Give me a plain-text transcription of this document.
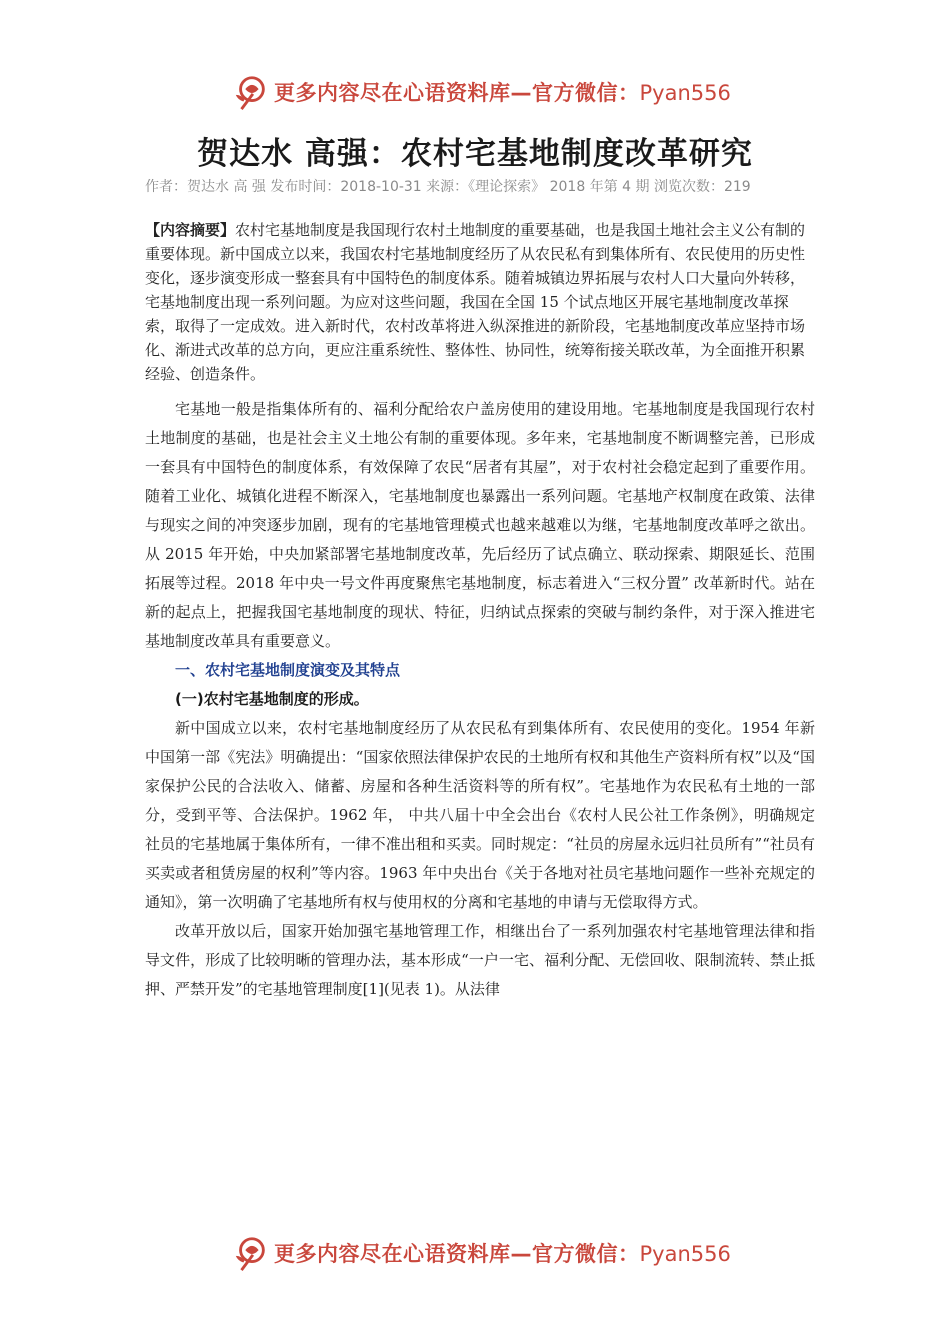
更多内容尽在心语资料库—官方微信：Pyan556
贺达水 高强：农村宅基地制度改革研究
作者：贺达水 高 强 发布时间：2018-10-31 来源：《理论探索》 2018 年第 4 期 浏览次数：219
【内容摘要】农村宅基地制度是我国现行农村土地制度的重要基础，也是我国土地社会主义公有制的重要体现。新中国成立以来，我国农村宅基地制度经历了从农民私有到集体所有、农民使用的历史性变化，逐步演变形成一整套具有中国特色的制度体系。随着城镇边界拓展与农村人口大量向外转移，宅基地制度出现一系列问题。为应对这些问题，我国在全国 15 个试点地区开展宅基地制度改革探索，取得了一定成效。进入新时代，农村改革将进入纵深推进的新阶段，宅基地制度改革应坚持市场化、渐进式改革的总方向，更应注重系统性、整体性、协同性，统筹衔接关联改革，为全面推开积累经验、创造条件。

宅基地一般是指集体所有的、福利分配给农户盖房使用的建设用地。宅基地制度是我国现行农村土地制度的基础，也是社会主义土地公有制的重要体现。多年来，宅基地制度不断调整完善，已形成一套具有中国特色的制度体系，有效保障了农民“居者有其屋”，对于农村社会稳定起到了重要作用。随着工业化、城镇化进程不断深入，宅基地制度也暴露出一系列问题。宅基地产权制度在政策、法律与现实之间的冲突逐步加剧，现有的宅基地管理模式也越来越难以为继，宅基地制度改革呼之欲出。从 2015 年开始，中央加紧部署宅基地制度改革，先后经历了试点确立、联动探索、期限延长、范围拓展等过程。2018 年中央一号文件再度聚焦宅基地制度，标志着进入“三权分置” 改革新时代。站在新的起点上，把握我国宅基地制度的现状、特征，归纳试点探索的突破与制约条件，对于深入推进宅基地制度改革具有重要意义。

一、农村宅基地制度演变及其特点

(一)农村宅基地制度的形成。

新中国成立以来，农村宅基地制度经历了从农民私有到集体所有、农民使用的变化。1954 年新中国第一部《宪法》明确提出：“国家依照法律保护农民的土地所有权和其他生产资料所有权”以及“国家保护公民的合法收入、储蓄、房屋和各种生活资料等的所有权”。宅基地作为农民私有土地的一部分，受到平等、合法保护。1962 年， 中共八届十中全会出台《农村人民公社工作条例》，明确规定社员的宅基地属于集体所有，一律不准出租和买卖。同时规定：“社员的房屋永远归社员所有”“社员有买卖或者租赁房屋的权利”等内容。1963 年中央出台《关于各地对社员宅基地问题作一些补充规定的通知》，第一次明确了宅基地所有权与使用权的分离和宅基地的申请与无偿取得方式。

改革开放以后，国家开始加强宅基地管理工作，相继出台了一系列加强农村宅基地管理法律和指导文件，形成了比较明晰的管理办法，基本形成“一户一宅、福利分配、无偿回收、限制流转、禁止抵押、严禁开发”的宅基地管理制度[1](见表 1)。从法律

更多内容尽在心语资料库—官方微信：Pyan556
